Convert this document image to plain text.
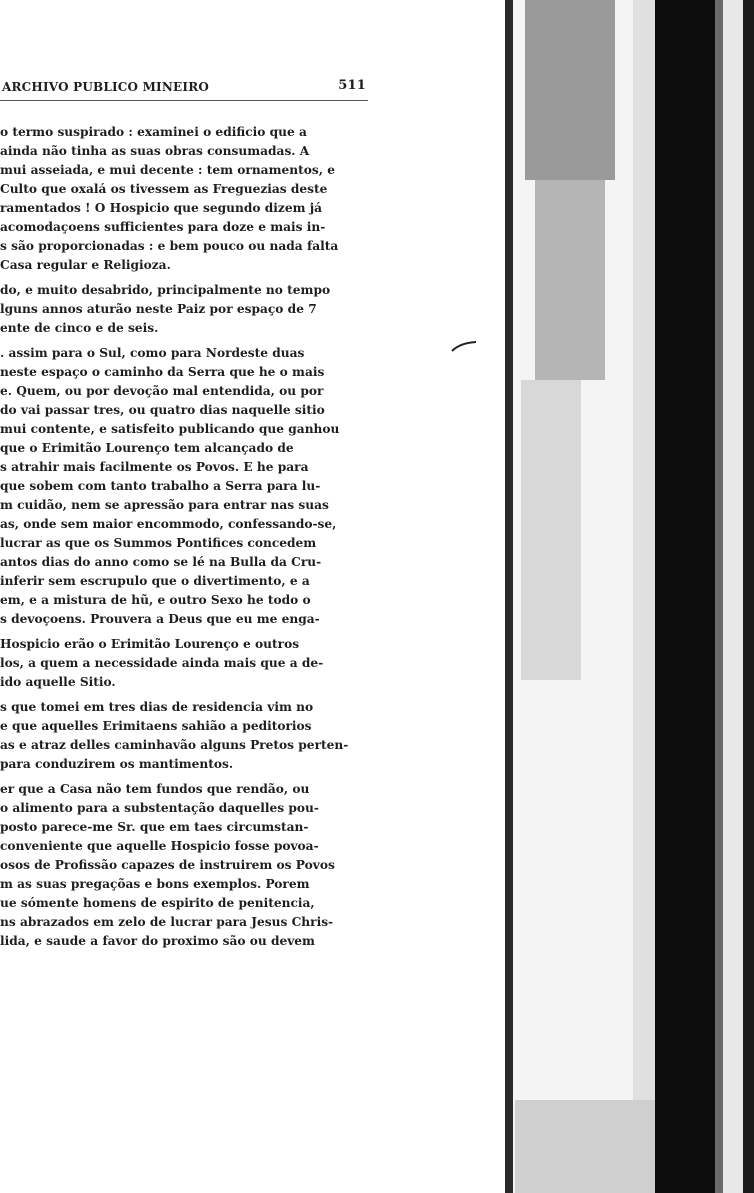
ARCHIVO PUBLICO MINEIRO	511
o termo suspirado : examinei o edificio que a
ainda não tinha as suas obras consumadas. A
mui asseiada, e mui decente : tem ornamentos, e
Culto que oxalá os tivessem as Freguezias deste
ramentados ! O Hospicio que segundo dizem já
acomodaçoens sufficientes para doze e mais in-
s são proporcionadas : e bem pouco ou nada falta
Casa regular e Religioza.
do, e muito desabrido, principalmente no tempo
lguns annos aturão neste Paiz por espaço de 7
ente de cinco e de seis.
. assim para o Sul, como para Nordeste duas
neste espaço o caminho da Serra que he o mais
e. Quem, ou por devoção mal entendida, ou por
do vai passar tres, ou quatro dias naquelle sitio
mui contente, e satisfeito publicando que ganhou
que o Erimitão Lourenço tem alcançado de
s atrahir mais facilmente os Povos. E he para
que sobem com tanto trabalho a Serra para lu-
m cuidão, nem se apressão para entrar nas suas
as, onde sem maior encommodo, confessando-se,
lucrar as que os Summos Pontifices concedem
antos dias do anno como se lé na Bulla da Cru-
inferir sem escrupulo que o divertimento, e a
em, e a mistura de hũ, e outro Sexo he todo o
s devoçoens. Prouvera a Deus que eu me enga-
Hospicio erão o Erimitão Lourenço e outros
los, a quem a necessidade ainda mais que a de-
ido aquelle Sitio.
s que tomei em tres dias de residencia vim no
e que aquelles Erimitaens sahião a peditorios
as e atraz delles caminhavão alguns Pretos perten-
para conduzirem os mantimentos.
er que a Casa não tem fundos que rendão, ou
o alimento para a substentação daquelles pou-
posto parece-me Sr. que em taes circumstan-
conveniente que aquelle Hospicio fosse povoa-
osos de Profissão capazes de instruirem os Povos
m as suas pregaçõas e bons exemplos. Porem
ue sómente homens de espirito de penitencia,
ns abrazados em zelo de lucrar para Jesus Chris-
lida, e saude a favor do proximo são ou devem
